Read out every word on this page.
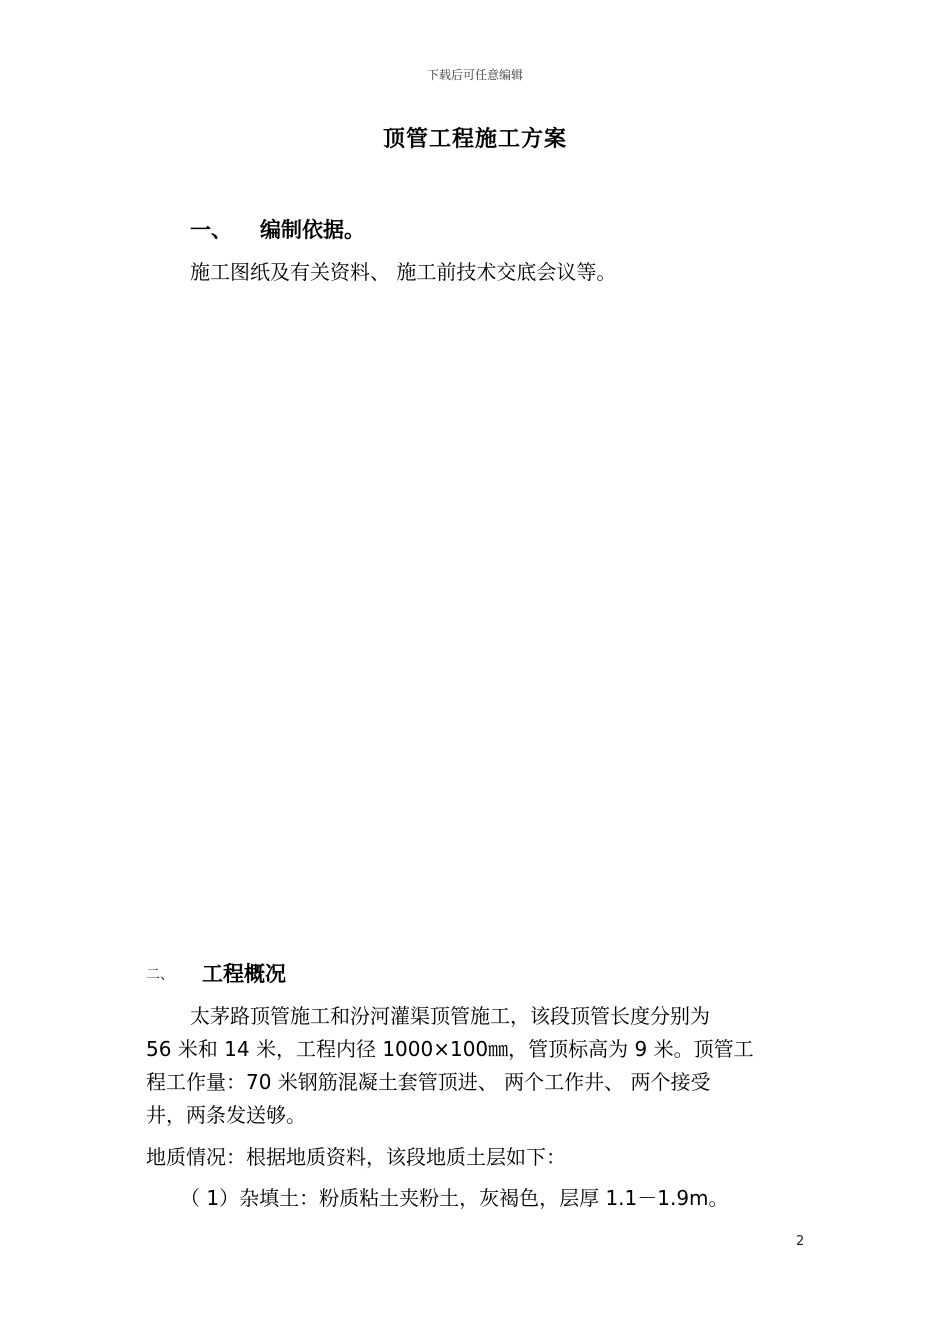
下载后可任意编辑
顶管工程施工方案
一、 编制依据。
施工图纸及有关资料、 施工前技术交底会议等。
二、 工程概况
太茅路顶管施工和汾河灌渠顶管施工，该段顶管长度分别为
56 米和 14 米，工程内径 1000×100㎜，管顶标高为 9 米。顶管工
程工作量：70 米钢筋混凝土套管顶进、 两个工作井、 两个接受
井，两条发送够。
地质情况：根据地质资料，该段地质土层如下：
（ 1）杂填土：粉质粘土夹粉土，灰褐色，层厚 1.1－1.9m。
2
